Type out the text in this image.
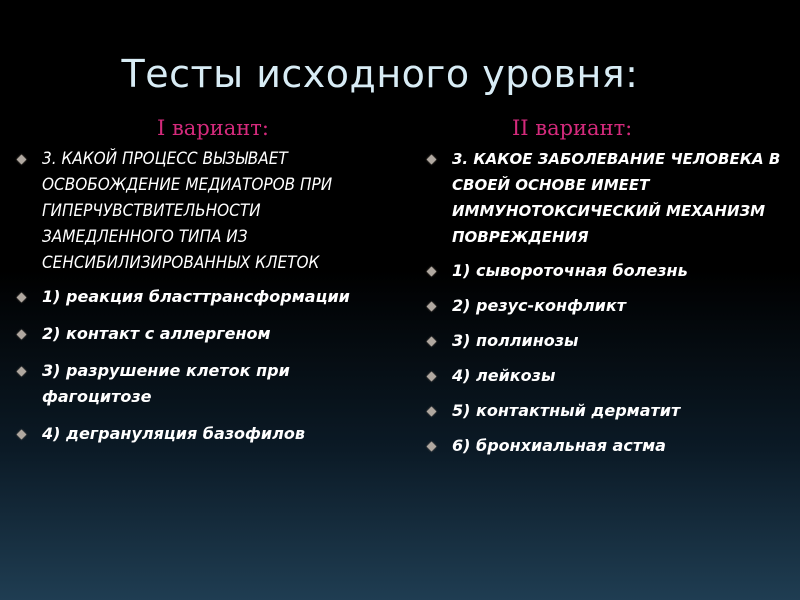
Тесты исходного уровня:
I вариант:	II вариант:
3. КАКОЙ ПРОЦЕСС ВЫЗЫВАЕТ ОСВОБОЖДЕНИЕ МЕДИАТОРОВ ПРИ ГИПЕРЧУВСТВИТЕЛЬНОСТИ ЗАМЕДЛЕННОГО ТИПА ИЗ СЕНСИБИЛИЗИРОВАННЫХ КЛЕТОК
1) реакция бласттрансформации
2) контакт с аллергеном
3) разрушение клеток при фагоцитозе
4) дегрануляция базофилов
3. КАКОЕ ЗАБОЛЕВАНИЕ ЧЕЛОВЕКА В СВОЕЙ ОСНОВЕ ИМЕЕТ ИММУНОТОКСИЧЕСКИЙ МЕХАНИЗМ ПОВРЕЖДЕНИЯ
1) сывороточная болезнь
2) резус-конфликт
3) поллинозы
4) лейкозы
5) контактный дерматит
6) бронхиальная астма
